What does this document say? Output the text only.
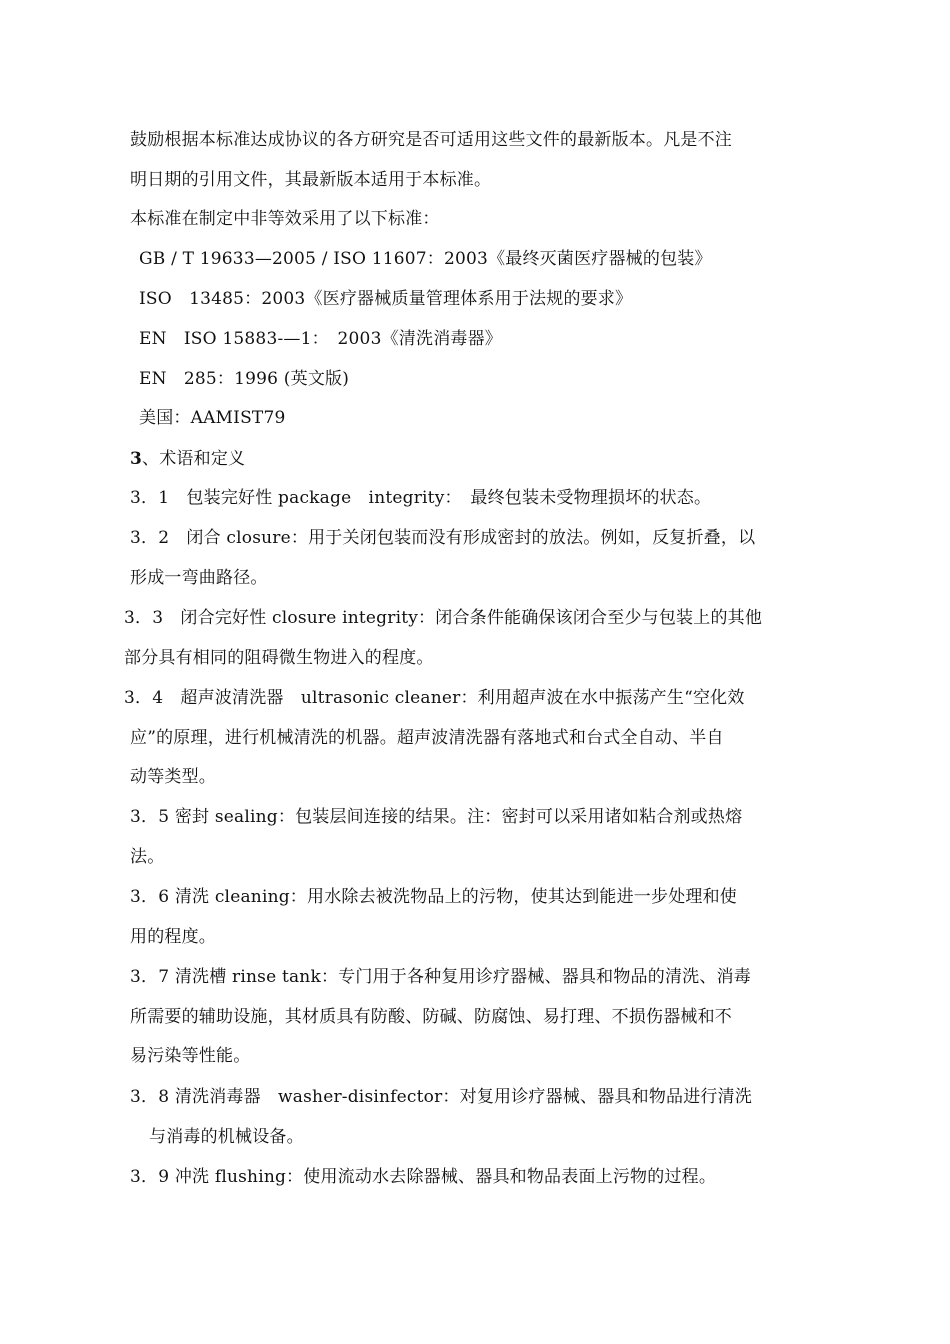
鼓励根据本标准达成协议的各方研究是否可适用这些文件的最新版本。凡是不注
明日期的引用文件，其最新版本适用于本标准。
本标准在制定中非等效采用了以下标准：
GB / T 19633—2005 / ISO 11607：2003《最终灭菌医疗器械的包装》
ISO　13485：2003《医疗器械质量管理体系用于法规的要求》
EN　ISO 15883-—1：　2003《清洗消毒器》
EN　285：1996 (英文版)
美国：AAMIST79
3、术语和定义
3．1　包装完好性 package　integrity：　最终包装未受物理损坏的状态。
3．2　闭合 closure：用于关闭包装而没有形成密封的放法。例如，反复折叠，以
形成一弯曲路径。
3．3　闭合完好性 closure integrity：闭合条件能确保该闭合至少与包装上的其他
部分具有相同的阻碍微生物进入的程度。
3．4　超声波清洗器　ultrasonic cleaner：利用超声波在水中振荡产生“空化效
应”的原理，进行机械清洗的机器。超声波清洗器有落地式和台式全自动、半自
动等类型。
3．5 密封 sealing：包装层间连接的结果。注：密封可以采用诸如粘合剂或热熔
法。
3．6 清洗 cleaning：用水除去被洗物品上的污物，使其达到能进一步处理和使
用的程度。
3．7 清洗槽 rinse tank：专门用于各种复用诊疗器械、器具和物品的清洗、消毒
所需要的辅助设施，其材质具有防酸、防碱、防腐蚀、易打理、不损伤器械和不
易污染等性能。
3．8 清洗消毒器　washer-disinfector：对复用诊疗器械、器具和物品进行清洗
与消毒的机械设备。
3．9 冲洗 flushing：使用流动水去除器械、器具和物品表面上污物的过程。
